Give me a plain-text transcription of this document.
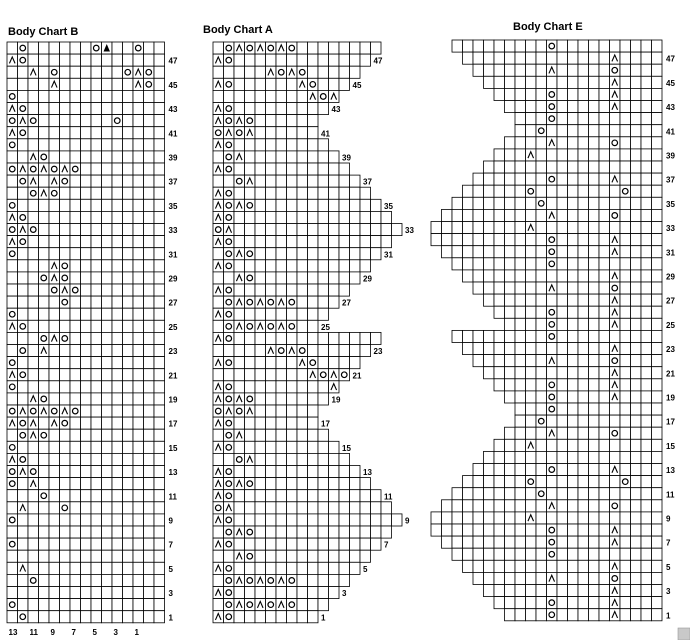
Body Chart B	Body Chart A	Body Chart E
1
3
5
7
9
11
13
15
17
19
21
23
25
27
29
31
33
35
37
39
41
43
45
47
13 11 9 7 5 3 1
1
3
5
7
9
11
13
15
17
19
21
23
25
27
29
31
33
35
37
39
41
43
45
47
1
3
5
7
9
11
13
15
17
19
21
23
25
27
29
31
33
35
37
39
41
43
45
47
